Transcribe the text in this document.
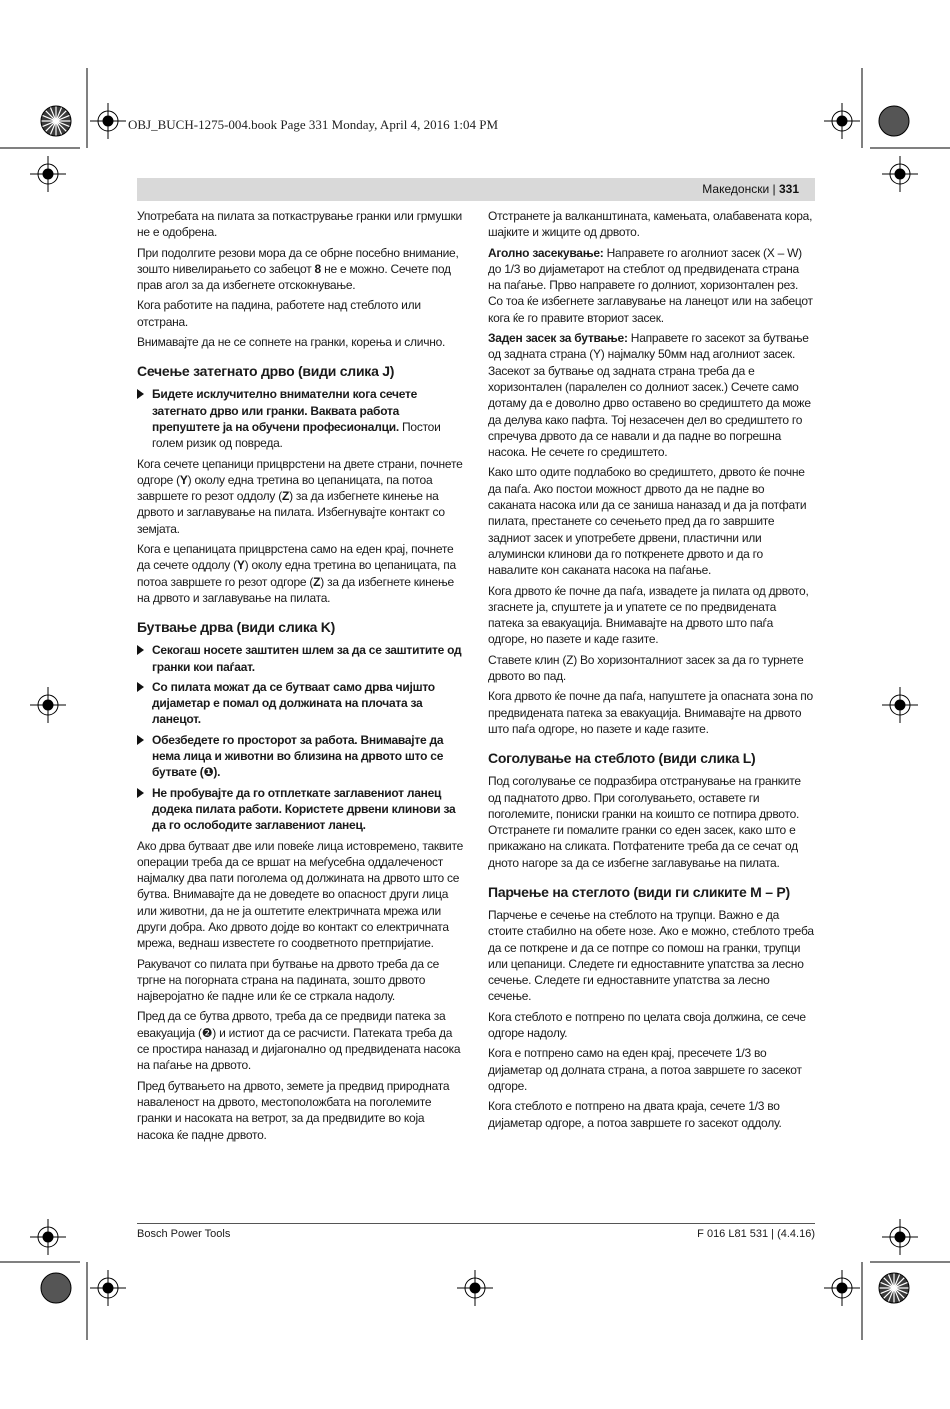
OBJ_BUCH-1275-004.book Page 331 Monday, April 4, 2016 1:04 PM
Македонски | 331

Употребата на пилата за поткастрување гранки или грмушки не е одобрена.

При подолгите резови мора да се обрне посебно внимание, зошто нивелирањето со забецот 8 не е можно. Сечете под прав агол за да избегнете отскокнување.

Кога работите на падина, работете над стеблото или отстрана.

Внимавајте да не се сопнете на гранки, корења и слично.

Сечење затегнато дрво (види слика J)
Бидете исклучително внимателни кога сечете затегнато дрво или гранки. Ваквата работа препуштете ја на обучени професионалци. Постои голем ризик од повреда.

Кога сечете цепаници прицврстени на двете страни, почнете одгоре (Y) околу една третина во цепаницата, па потоа завршете го резот оддолу (Z) за да избегнете кинење на дрвото и заглавување на пилата. Избегнувајте контакт со земјата.

Кога е цепаницата прицврстена само на еден крај, почнете да сечете оддолу (Y) околу една третина во цепаницата, па потоа завршете го резот одгоре (Z) за да избегнете кинење на дрвото и заглавување на пилата.

Бутвање дрва (види слика K)
Секогаш носете заштитен шлем за да се заштитите од гранки кои паѓаат.
Со пилата можат да се бутваат само дрва чијшто дијаметар е помал од должината на плочата за ланецот.
Обезбедете го просторот за работа. Внимавајте да нема лица и животни во близина на дрвото што се бутвате (❶).
Не пробувајте да го отплеткате заглавениот ланец додека пилата работи. Користете дрвени клинови за да го ослободите заглавениот ланец.

Ако дрва бутваат две или повеќе лица истовремено, таквите операции треба да се вршат на меѓусебна оддалеченост најмалку два пати поголема од должината на дрвото што се бутва. Внимавајте да не доведете во опасност други лица или животни, да не ја оштетите електричната мрежа или други добра. Ако дрвото дојде во контакт со електричната мрежа, веднаш известете го соодветното претпријатие.

Ракувачот со пилата при бутвање на дрвото треба да се тргне на погорната страна на падината, зошто дрвото најверојатно ќе падне или ќе се стркала надолу.

Пред да се бутва дрвото, треба да се предвиди патека за евакуација (❷) и истиот да се расчисти. Патеката треба да се простира наназад и дијагонално од предвидената насока на паѓање на дрвото.

Пред бутвањето на дрвото, земете ја предвид природната наваленост на дрвото, местоположбата на поголемите гранки и насоката на ветрот, за да предвидите во која насока ќе падне дрвото.

Отстранете ја валканштината, камењата, олабавената кора, шајките и жиците од дрвото.

Аголно засекување: Направете го аголниот засек (X – W) до 1/3 во дијаметарот на стеблот од предвидената страна на паѓање. Прво направете го долниот, хоризонтален рез. Со тоа ќе избегнете заглавување на ланецот или на забецот кога ќе го правите вториот засек.

Заден засек за бутвање: Направете го засекот за бутвање од задната страна (Y) најмалку 50мм над аголниот засек. Засекот за бутвање од задната страна треба да е хоризонтален (паралелен со долниот засек.) Сечете само дотаму да е доволно дрво оставено во средиштето да може да делува како пафта. Тој незасечен дел во средиштето го спречува дрвото да се навали и да падне во погрешна насока. Не сечете го средиштето.

Како што одите подлабоко во средиштето, дрвото ќе почне да паѓа. Ако постои можност дрвото да не падне во саканата насока или да се заниша наназад и да ја потфати пилата, престанете со сечењето пред да го завршите задниот засек и употребете дрвени, пластични или алумински клинови да го поткренете дрвото и да го навалите кон саканата насока на паѓање.

Кога дрвото ќе почне да паѓа, извадете ја пилата од дрвото, згаснете ја, спуштете ја и упатете се по предвидената патека за евакуација. Внимавајте на дрвото што паѓа одгоре, но пазете и каде газите.

Ставете клин (Z) Во хоризонталниот засек за да го турнете дрвото во пад.

Кога дрвото ќе почне да паѓа, напуштете ја опасната зона по предвидената патека за евакуација. Внимавајте на дрвото што паѓа одгоре, но пазете и каде газите.

Соголување на стеблото (види слика L)

Под соголување се подразбира отстранување на гранките од паднатото дрво. При соголувањето, оставете ги поголемите, пониски гранки на коишто се потпира дрвото. Отстранете ги помалите гранки со еден засек, како што е прикажано на сликата. Потфатените треба да се сечат од дното нагоре за да се избегне заглавување на пилата.

Парчење на стеглото (види ги сликите M – P)

Парчење е сечење на стеблото на трупци. Важно е да стоите стабилно на обете нозе. Ако е можно, стеблото треба да се поткрене и да се потпре со помош на гранки, трупци или цепаници. Следете ги едноставните упатства за лесно сечење. Следете ги едноставните упатства за лесно сечење.

Кога стеблото е потпрено по целата своја должина, се сече одгоре надолу.

Кога е потпрено само на еден крај, пресечете 1/3 во дијаметар од долната страна, а потоа завршете го засекот одгоре.

Кога стеблото е потпрено на двата краја, сечете 1/3 во дијаметар одгоре, а потоа завршете го засекот оддолу.

Bosch Power Tools	F 016 L81 531 | (4.4.16)
